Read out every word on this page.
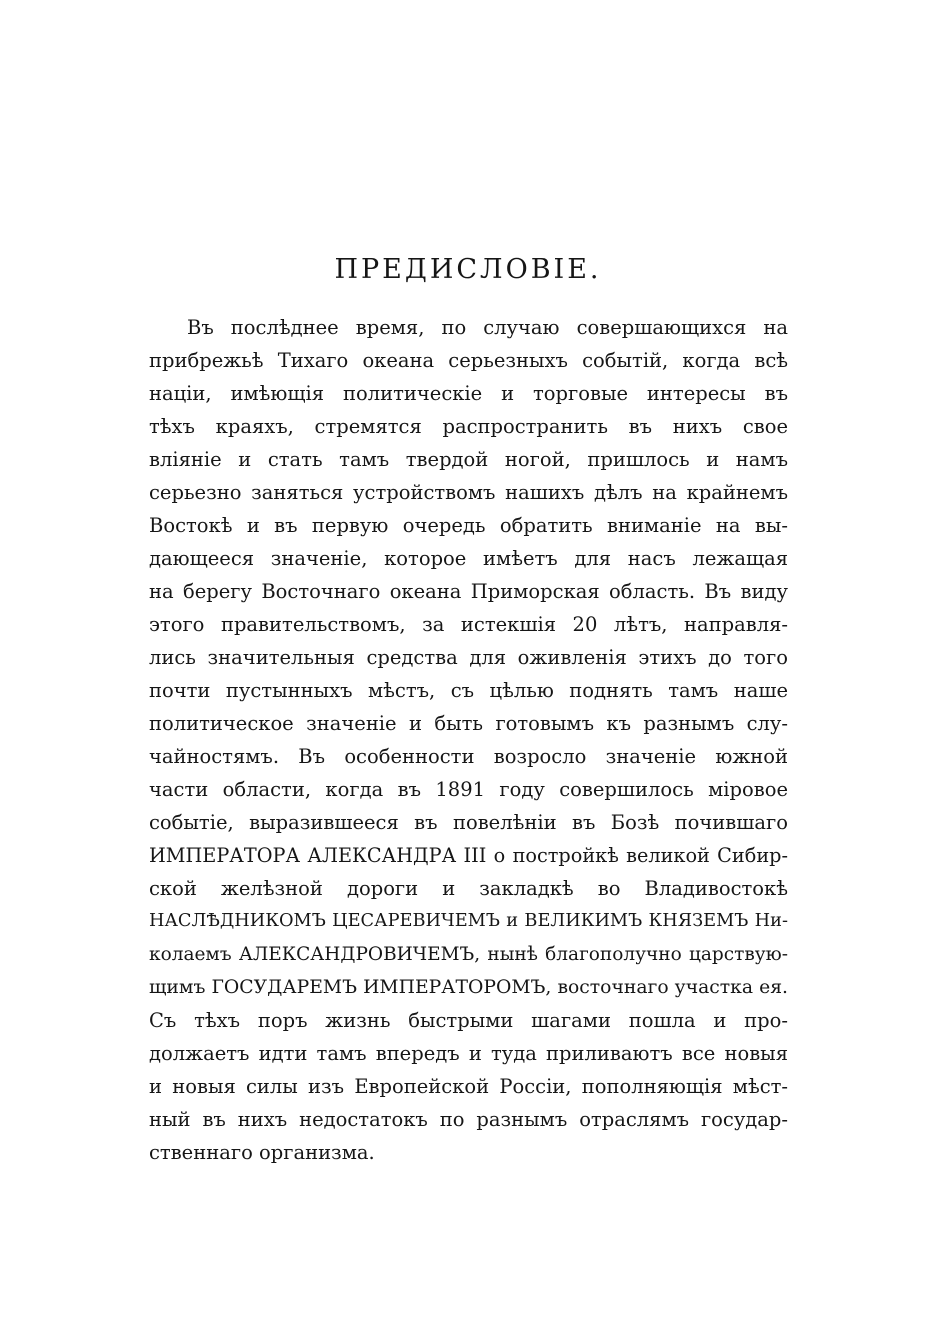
ПРЕДИСЛОВІЕ.
Въ послѣднее время, по случаю совершающихся на
прибрежьѣ Тихаго океана серьезныхъ событій, когда всѣ
націи, имѣющія политическіе и торговые интересы въ
тѣхъ краяхъ, стремятся распространить въ нихъ свое
вліяніе и стать тамъ твердой ногой, пришлось и намъ
серьезно заняться устройствомъ нашихъ дѣлъ на крайнемъ
Востокѣ и въ первую очередь обратить вниманіе на вы-
дающееся значеніе, которое имѣетъ для насъ лежащая
на берегу Восточнаго океана Приморская область. Въ виду
этого правительствомъ, за истекшія 20 лѣтъ, направля-
лись значительныя средства для оживленія этихъ до того
почти пустынныхъ мѣстъ, съ цѣлью поднять тамъ наше
политическое значеніе и быть готовымъ къ разнымъ слу-
чайностямъ. Въ особенности возросло значеніе южной
части области, когда въ 1891 году совершилось міровое
событіе, выразившееся въ повелѣніи въ Бозѣ почившаго
ИМПЕРАТОРА АЛЕКСАНДРА III о постройкѣ великой Сибир-
ской желѣзной дороги и закладкѣ во Владивостокѣ
НАСЛѢДНИКОМЪ ЦЕСАРЕВИЧЕМЪ и ВЕЛИКИМЪ КНЯЗЕМЪ Ни-
колаемъ АЛЕКСАНДРОВИЧЕМЪ, нынѣ благополучно царствую-
щимъ ГОСУДАРЕМЪ ИМПЕРАТОРОМЪ, восточнаго участка ея.
Съ тѣхъ поръ жизнь быстрыми шагами пошла и про-
должаетъ идти тамъ впередъ и туда приливаютъ все новыя
и новыя силы изъ Европейской Россіи, пополняющія мѣст-
ный въ нихъ недостатокъ по разнымъ отраслямъ государ-
ственнаго организма.
